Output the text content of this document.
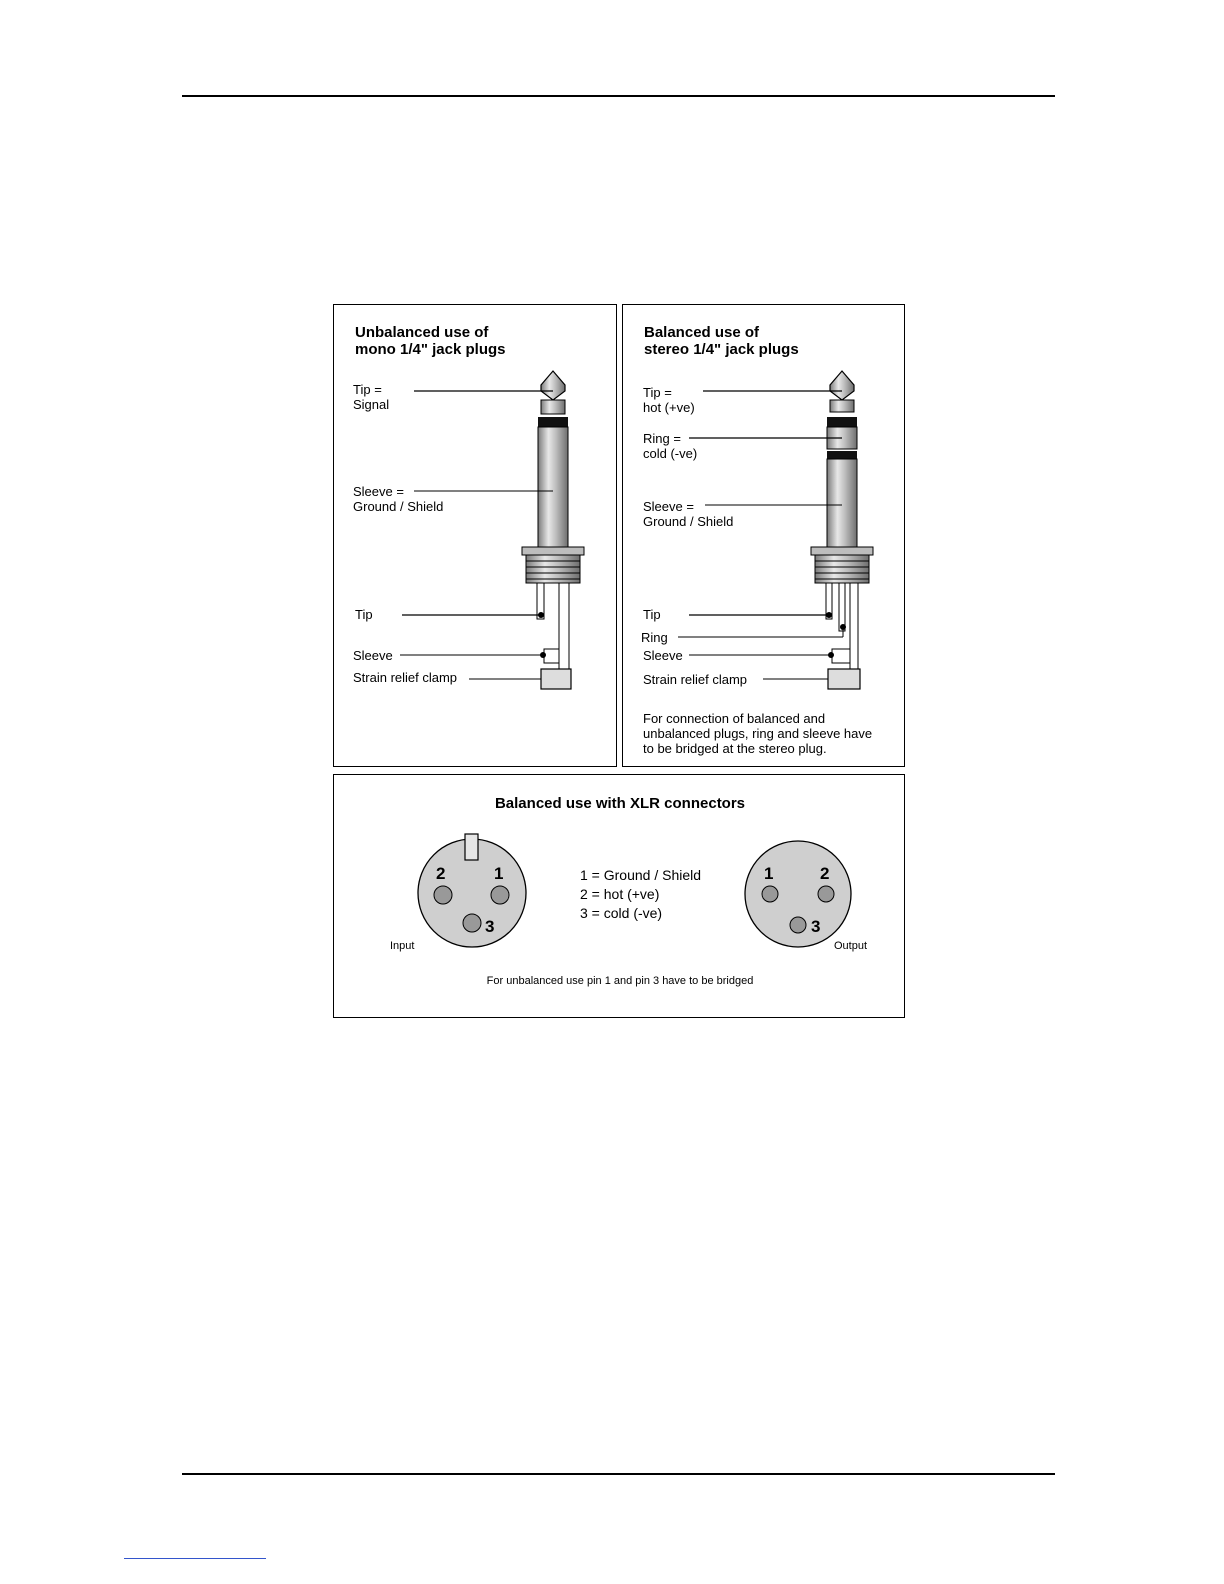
Unbalanced use of
mono 1/4" jack plugs
Tip =
Signal
Sleeve =
Ground / Shield
Tip
Sleeve
Strain relief clamp
Balanced use of
stereo 1/4" jack plugs
Tip =
hot (+ve)
Ring =
cold (-ve)
Sleeve =
Ground / Shield
Tip
Ring
Sleeve
Strain relief clamp
For connection of balanced and
unbalanced plugs, ring and sleeve have
to be bridged at the stereo plug.
Balanced use with XLR connectors
2	1
3
Input
1 = Ground / Shield
2 = hot (+ve)
3 = cold (-ve)
1	2
3
Output
For unbalanced use pin 1 and pin 3 have to be bridged
